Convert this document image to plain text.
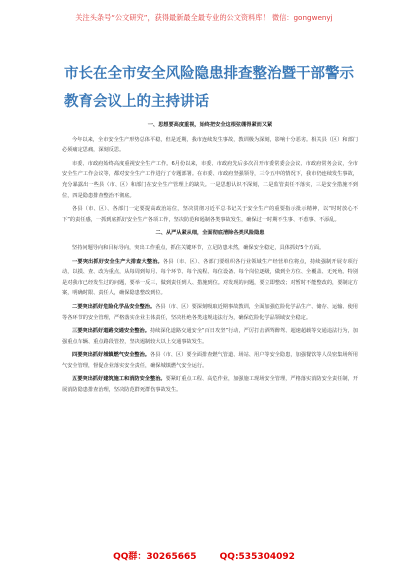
关注头条号“公文研究”，获得最新最全最专业的公文资料库！ 微信：gongwenyj
市长在全市安全风险隐患排查整治暨干部警示教育会议上的主持讲话

一、思想要高度重视，始终把安全这根弦绷得紧而又紧

今年以来，全市安全生产形势总体平稳，但是近期，我市连续发生事故，教训极为深刻，影响十分恶劣。相关县（区）和部门必须痛定思痛，深刻反思。

市委、市政府始终高度重视安全生产工作。6月份以来，市委、市政府先后多次召开市委常委会会议、市政府常务会议，全市安全生产工作会议等，都对安全生产工作进行了专题部署。在市委、市政府坚强领导，三令五申的情况下，我市仍连续发生事故，充分暴露出一些县（市、区）和部门在安全生产管理上的缺失。一是思想认识不深刻，二是监管责任不落实，三是安全措施不到位，四是隐患排查整治不彻底。

各县（市、区）、各部门一定要提高政治站位，坚决贯彻习近平总书记关于安全生产的重要指示批示精神，以“时时放心不下”的责任感，一抓到底抓好安全生产各项工作，坚决防范和遏制各类事故发生，确保过一时期不生事、不惹事、不添乱。

二、从严从紧从细，全面彻底清除各类风险隐患

坚持问题导向和目标导向，突出工作重点，抓住关键环节，立足防患未然，确保安全稳定，具体抓好5个方面。

一要突出抓好安全生产大排查大整治。各县（市、区）、各部门要组织各行业领域生产经营单位将点，持续强制开展专项行动，以摸、查、改为重点，从每周到每月、每个环节、每个流程、每位设备、每个岗位逐级，做到全方位、全覆盖、无死角。特别是对我市已经发生过的问题，要举一反三，做到责任到人、措施到位。对发现的问题，要立即整改；对暂时不能整改的，要制定方案，明确时限、责任人，确保隐患整改到位。

二要突出抓好危险化学品安全整治。各县（市、区）要深刻吸取近期事故教训，全面加强危险化学品生产、储存、运输、使用等各环节的安全管理，严格落实企业主体责任，坚决杜绝各类违规违法行为，确保危险化学品领域安全稳定。

三要突出抓好道路交通安全整治。持续深化道路交通安全“百日攻坚”行动，严厉打击酒驾醉驾、超速超载等交通违法行为，加强重点车辆、重点路段管控，坚决遏制较大以上交通事故发生。

四要突出抓好城镇燃气安全整治。各县（市、区）要全面排查燃气管道、场站、用户等安全隐患，加强餐饮等人员密集场所用气安全管理，督促企业落实安全责任，确保城镇燃气安全运行。

五要突出抓好建筑施工和消防安全整治。要紧盯重点工程、高危作业，加强施工现场安全管理，严格落实消防安全责任制，开展消防隐患排查治理，坚决防范群死群伤事故发生。

QQ群：30265665	QQ:535304092
